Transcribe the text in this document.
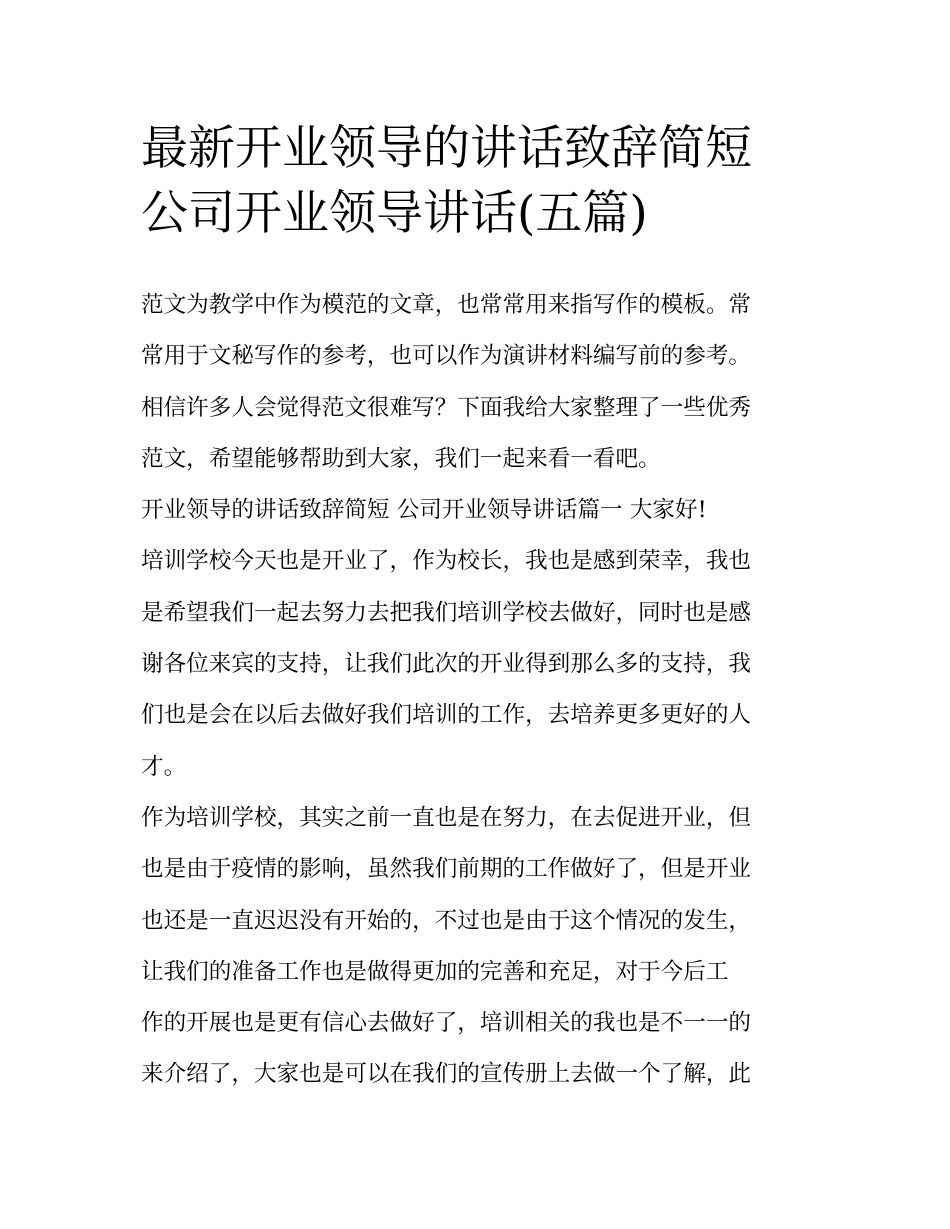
最新开业领导的讲话致辞简短
公司开业领导讲话(五篇)
范文为教学中作为模范的文章，也常常用来指写作的模板。常
常用于文秘写作的参考，也可以作为演讲材料编写前的参考。
相信许多人会觉得范文很难写？下面我给大家整理了一些优秀
范文，希望能够帮助到大家，我们一起来看一看吧。
开业领导的讲话致辞简短 公司开业领导讲话篇一 大家好!
培训学校今天也是开业了，作为校长，我也是感到荣幸，我也
是希望我们一起去努力去把我们培训学校去做好，同时也是感
谢各位来宾的支持，让我们此次的开业得到那么多的支持，我
们也是会在以后去做好我们培训的工作，去培养更多更好的人
才。
作为培训学校，其实之前一直也是在努力，在去促进开业，但
也是由于疫情的影响，虽然我们前期的工作做好了，但是开业
也还是一直迟迟没有开始的，不过也是由于这个情况的发生，
让我们的准备工作也是做得更加的完善和充足，对于今后工
作的开展也是更有信心去做好了，培训相关的我也是不一一的
来介绍了，大家也是可以在我们的宣传册上去做一个了解，此
